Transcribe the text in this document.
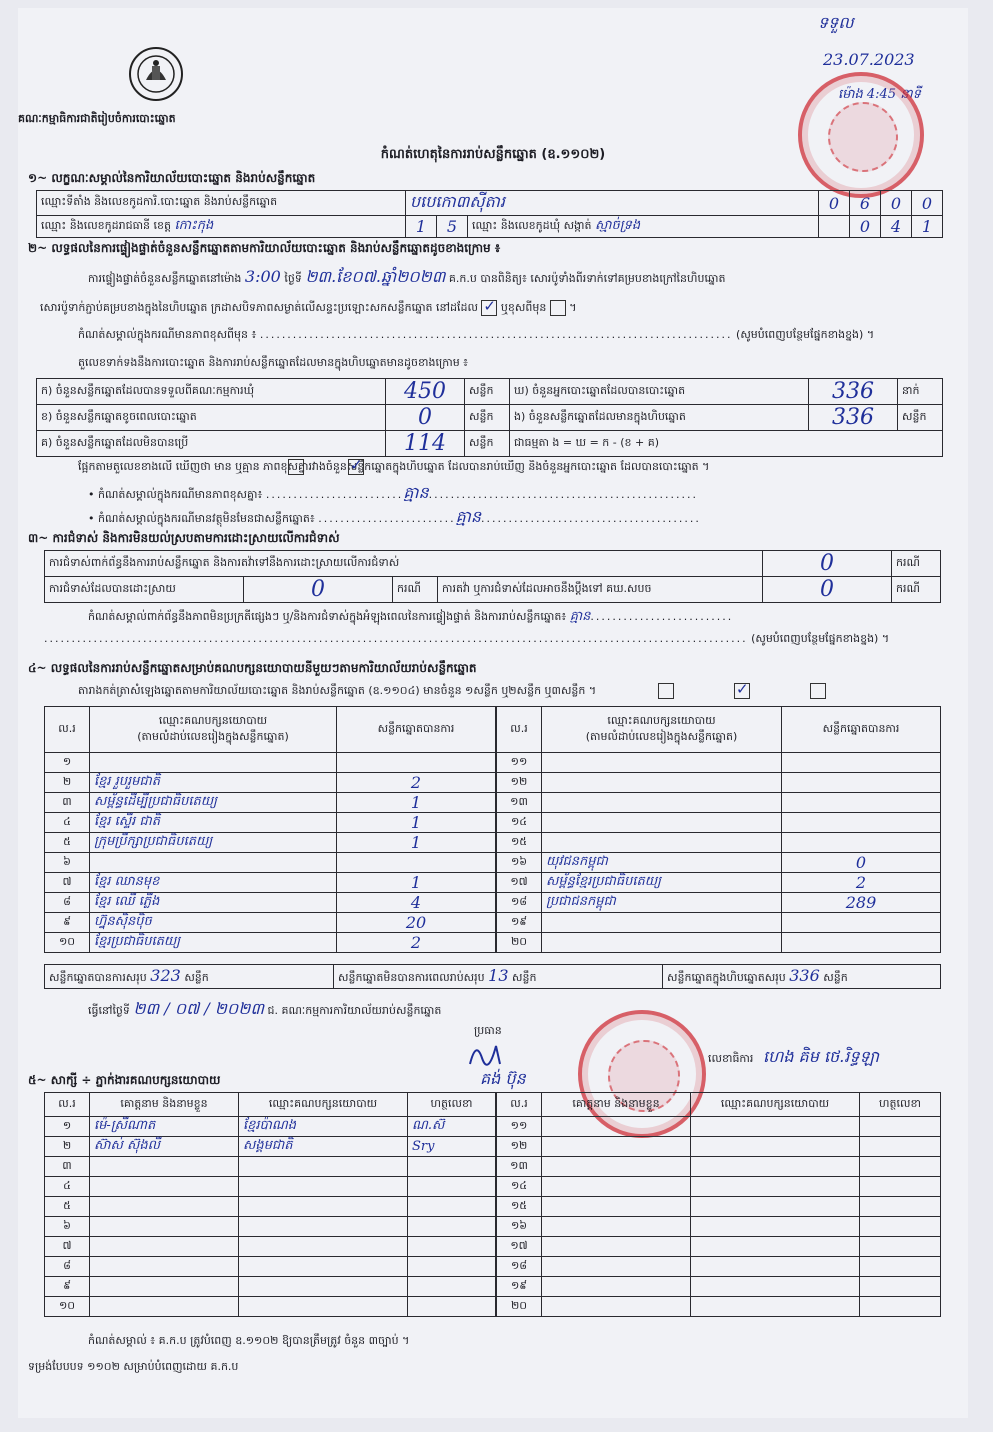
គណៈកម្មាធិការជាតិរៀបចំការបោះឆ្នោត
ទទួល
23.07.2023
ម៉ោង 4:45 នាទី
កំណត់ហេតុនៃការរាប់សន្លឹកឆ្នោត (ឧ.១១០២)
១~ លក្ខណៈសម្គាល់នៃការិយាល័យបោះឆ្នោត និងរាប់សន្លឹកឆ្នោត
ឈ្មោះទីតាំង និងលេខកូដការិ.បោះឆ្នោត និងរាប់សន្លឹកឆ្នោត	បបេកោ៣ស៊ីតារ			0	6	0	0
ឈ្មោះ និងលេខកូដរាជធានី ខេត្ត កោះកុង	1	5	ឈ្មោះ និងលេខកូដឃុំ សង្កាត់ ស្មាច់ទ្រង		0	4	1
២~ លទ្ធផលនៃការផ្ទៀងផ្ទាត់ចំនួនសន្លឹកឆ្នោតតាមការិយាល័យបោះឆ្នោត និងរាប់សន្លឹកឆ្នោតដូចខាងក្រោម ៖
ការផ្ទៀងផ្ទាត់ចំនួនសន្លឹកឆ្នោតនៅម៉ោង 3:00 ថ្ងៃទី ២៣.ខែ០៧.ឆ្នាំ២០២៣ គ.ក.ប បានពិនិត្យ៖ សោរប៉ូទាំងពីរទាក់ទៅគម្របខាងក្រៅនៃហិបឆ្នោត
សោរប៉ូទាក់ភ្ជាប់គម្របខាងក្នុងនៃហិបឆ្នោត ក្រដាសបិទភាពសម្ងាត់លើសន្ទះប្រឡោះសកសន្លឹកឆ្នោត នៅដដែល ✓ ឬខុសពីមុន  ។
កំណត់សម្គាល់ក្នុងករណីមានភាពខុសពីមុន ៖ ...................................................................................... (សូមបំពេញបន្ថែមផ្នែកខាងខ្នង) ។
តួលេខទាក់ទងនឹងការបោះឆ្នោត និងការរាប់សន្លឹកឆ្នោតដែលមានក្នុងហិបឆ្នោតមានដូចខាងក្រោម ៖
ក) ចំនួនសន្លឹកឆ្នោតដែលបានទទួលពីគណៈកម្មការឃុំ	450	សន្លឹក	ឃ) ចំនួនអ្នកបោះឆ្នោតដែលបានបោះឆ្នោត	336	នាក់
ខ) ចំនួនសន្លឹកឆ្នោតខូចពេលបោះឆ្នោត	0	សន្លឹក	ង) ចំនួនសន្លឹកឆ្នោតដែលមានក្នុងហិបឆ្នោត	336	សន្លឹក
គ) ចំនួនសន្លឹកឆ្នោតដែលមិនបានប្រើ	114	សន្លឹក	ជាធម្មតា ង = ឃ = ក - (ខ + គ)		
ផ្អែកតាមតួលេខខាងលើ ឃើញថា មាន ឬគ្មាន ភាពខុសគ្នារវាងចំនួនសន្លឹកឆ្នោតក្នុងហិបឆ្នោត ដែលបានរាប់ឃើញ និងចំនួនអ្នកបោះឆ្នោត ដែលបានបោះឆ្នោត ។
✓
• កំណត់សម្គាល់ក្នុងករណីមានភាពខុសគ្នា៖ .........................គ្មាន.................................................
• កំណត់សម្គាល់ក្នុងករណីមានវត្ថុមិនមែនជាសន្លឹកឆ្នោត៖ .........................គ្មាន........................................
៣~ ការជំទាស់ និងការមិនយល់ស្របតាមការដោះស្រាយលើការជំទាស់
ការជំទាស់ពាក់ព័ន្ធនឹងការរាប់សន្លឹកឆ្នោត និងការតវ៉ាទៅនឹងការដោះស្រាយលើការជំទាស់				0	ករណី
ការជំទាស់ដែលបានដោះស្រាយ	0	ករណី	ការតវ៉ា ឬការជំទាស់ដែលអាចនឹងប្តឹងទៅ គឃ.សបច	0	ករណី
កំណត់សម្គាល់ពាក់ព័ន្ធនឹងភាពមិនប្រក្រតីផ្សេងៗ ឬ/និងការជំទាស់ក្នុងអំឡុងពេលនៃការផ្ទៀងផ្ទាត់ និងការរាប់សន្លឹកឆ្នោត៖ គ្មាន..........................
................................................................................................................................ (សូមបំពេញបន្ថែមផ្នែកខាងខ្នង) ។
៤~ លទ្ធផលនៃការរាប់សន្លឹកឆ្នោតសម្រាប់គណបក្សនយោបាយនីមួយៗតាមការិយាល័យរាប់សន្លឹកឆ្នោត
តារាងកត់ត្រាសំឡេងឆ្នោតតាមការិយាល័យបោះឆ្នោត និងរាប់សន្លឹកឆ្នោត (ឧ.១១០៤) មានចំនួន ១សន្លឹក ឬ២សន្លឹក ឬ៣សន្លឹក ។
✓
ល.រ	ឈ្មោះគណបក្សនយោបាយ
(តាមលំដាប់លេខរៀងក្នុងសន្លឹកឆ្នោត)	សន្លឹកឆ្នោតបានការ
១		
២	ខ្មែរ រួបរួមជាតិ	2
៣	សម្ព័ន្ធដើម្បីប្រជាធិបតេយ្យ	1
៤	ខ្មែរ ស្ទើរ ជាតិ	1
៥	ក្រុមប្រឹក្សាប្រជាធិបតេយ្យ	1
៦		
៧	ខ្មែរ ឈានមុខ	1
៨	ខ្មែរ ឈើ ភ្លើង	4
៩	ហ្វ៊ុនស៊ិនប៉ិច	20
១០	ខ្មែរប្រជាធិបតេយ្យ	2
ល.រ	ឈ្មោះគណបក្សនយោបាយ
(តាមលំដាប់លេខរៀងក្នុងសន្លឹកឆ្នោត)	សន្លឹកឆ្នោតបានការ
១១		
១២		
១៣		
១៤		
១៥		
១៦	យុវជនកម្ពុជា	0
១៧	សម្ព័ន្ធខ្មែរប្រជាធិបតេយ្យ	2
១៨	ប្រជាជនកម្ពុជា	289
១៩		
២០		
សន្លឹកឆ្នោតបានការសរុប 323 សន្លឹក	សន្លឹកឆ្នោតមិនបានការពេលរាប់សរុប 13 សន្លឹក	សន្លឹកឆ្នោតក្នុងហិបឆ្នោតសរុប 336 សន្លឹក
ធ្វើនៅថ្ងៃទី ២៣ / ០៧ / ២០២៣ ជ. គណៈកម្មការការិយាល័យរាប់សន្លឹកឆ្នោត
ប្រធាន
គង់ ប៊ុន
លេខាធិការ ហេង គិម ថេ.រិទ្ធឡា
៥~ សាក្សី ÷ ភ្នាក់ងារគណបក្សនយោបាយ
ល.រ	គោត្តនាម និងនាមខ្លួន	ឈ្មោះគណបក្សនយោបាយ	ហត្ថលេខា
១	ម៉េ-ស្រីណាត	ខ្មែរប៉ាណង	ណ.ស៊
២	ស៊ាស់ ស៊ុងលី	សង្គមជាតិ	Sry
៣			
៤			
៥			
៦			
៧			
៨			
៩			
១០			
ល.រ	គោត្តនាម និងនាមខ្លួន	ឈ្មោះគណបក្សនយោបាយ	ហត្ថលេខា
១១			
១២			
១៣			
១៤			
១៥			
១៦			
១៧			
១៨			
១៩			
២០			
កំណត់សម្គាល់ ៖ គ.ក.ប ត្រូវបំពេញ ឧ.១១០២ ឱ្យបានត្រឹមត្រូវ ចំនួន ៣ច្បាប់ ។
ទម្រង់បែបបទ ១១០២ សម្រាប់បំពេញដោយ គ.ក.ប
